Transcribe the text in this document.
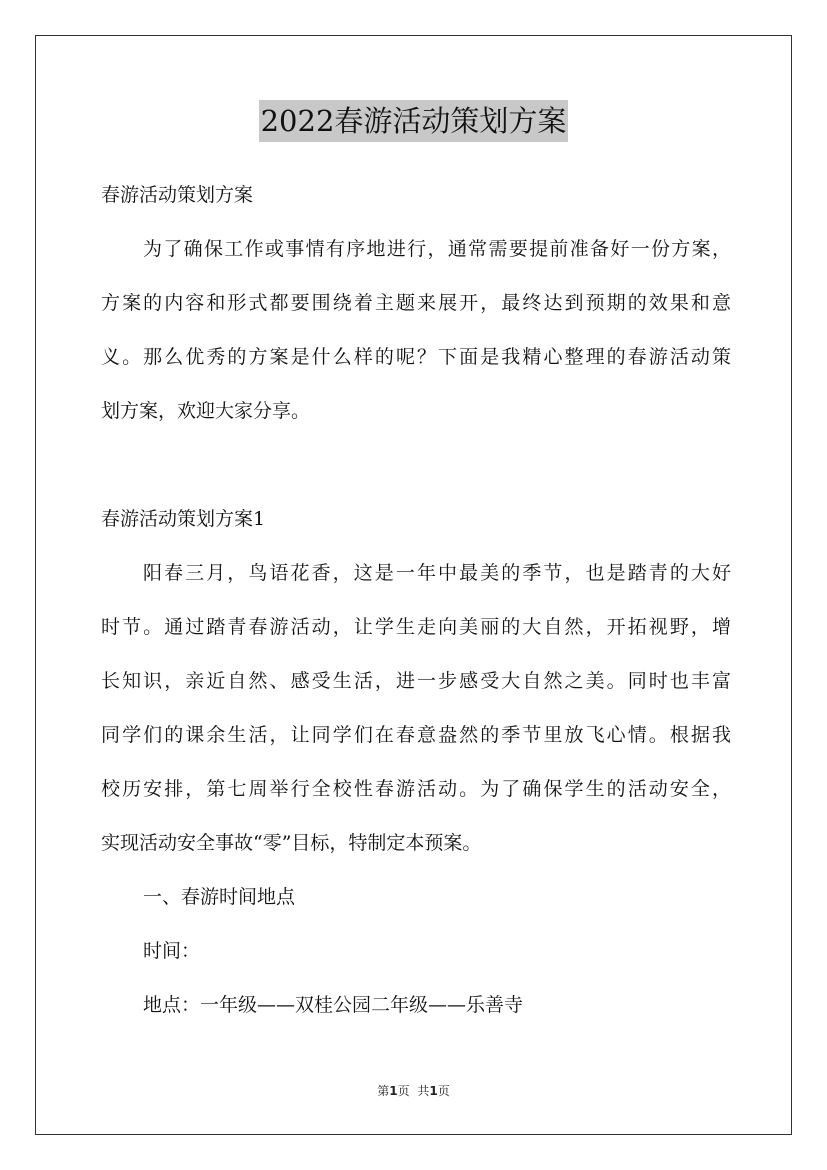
2022春游活动策划方案
春游活动策划方案
为了确保工作或事情有序地进行，通常需要提前准备好一份方案，
方案的内容和形式都要围绕着主题来展开，最终达到预期的效果和意
义。那么优秀的方案是什么样的呢？下面是我精心整理的春游活动策
划方案，欢迎大家分享。
春游活动策划方案1
阳春三月，鸟语花香，这是一年中最美的季节，也是踏青的大好
时节。通过踏青春游活动，让学生走向美丽的大自然，开拓视野，增
长知识，亲近自然、感受生活，进一步感受大自然之美。同时也丰富
同学们的课余生活，让同学们在春意盎然的季节里放飞心情。根据我
校历安排，第七周举行全校性春游活动。为了确保学生的活动安全，
实现活动安全事故“零”目标，特制定本预案。
一、春游时间地点
时间：
地点：一年级——双桂公园二年级——乐善寺
第1页 共1页
